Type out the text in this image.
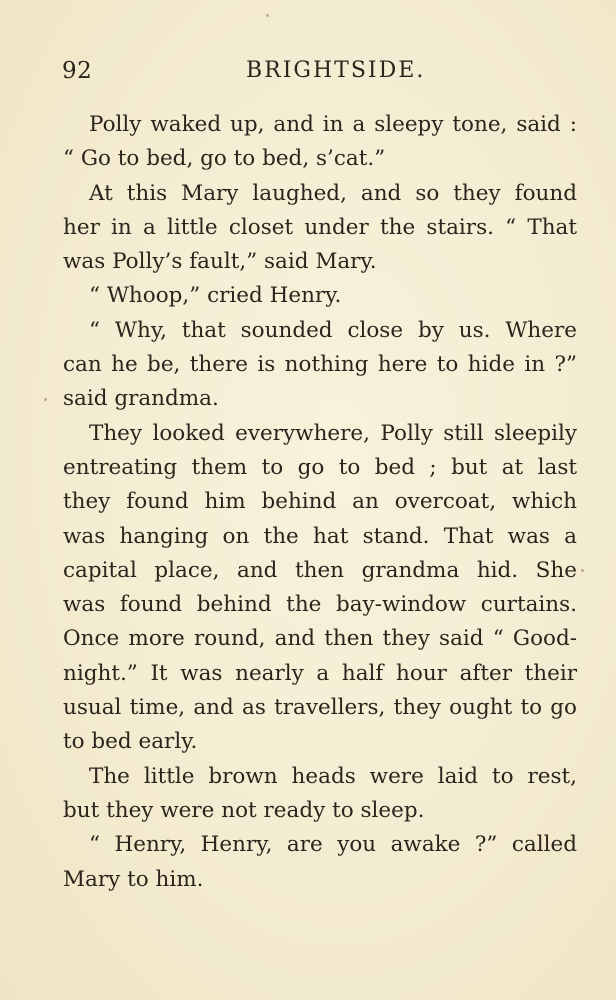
92	BRIGHTSIDE.
Polly waked up, and in a sleepy tone, said :
“ Go to bed, go to bed, s’cat.”
At this Mary laughed, and so they found
her in a little closet under the stairs. “ That
was Polly’s fault,” said Mary.
“ Whoop,” cried Henry.
“ Why, that sounded close by us. Where
can he be, there is nothing here to hide in ?”
said grandma.
They looked everywhere, Polly still sleepily
entreating them to go to bed ; but at last
they found him behind an overcoat, which
was hanging on the hat stand. That was a
capital place, and then grandma hid. She
was found behind the bay-window curtains.
Once more round, and then they said “ Good-
night.” It was nearly a half hour after their
usual time, and as travellers, they ought to go
to bed early.
The little brown heads were laid to rest,
but they were not ready to sleep.
“ Henry, Henry, are you awake ?” called
Mary to him.
